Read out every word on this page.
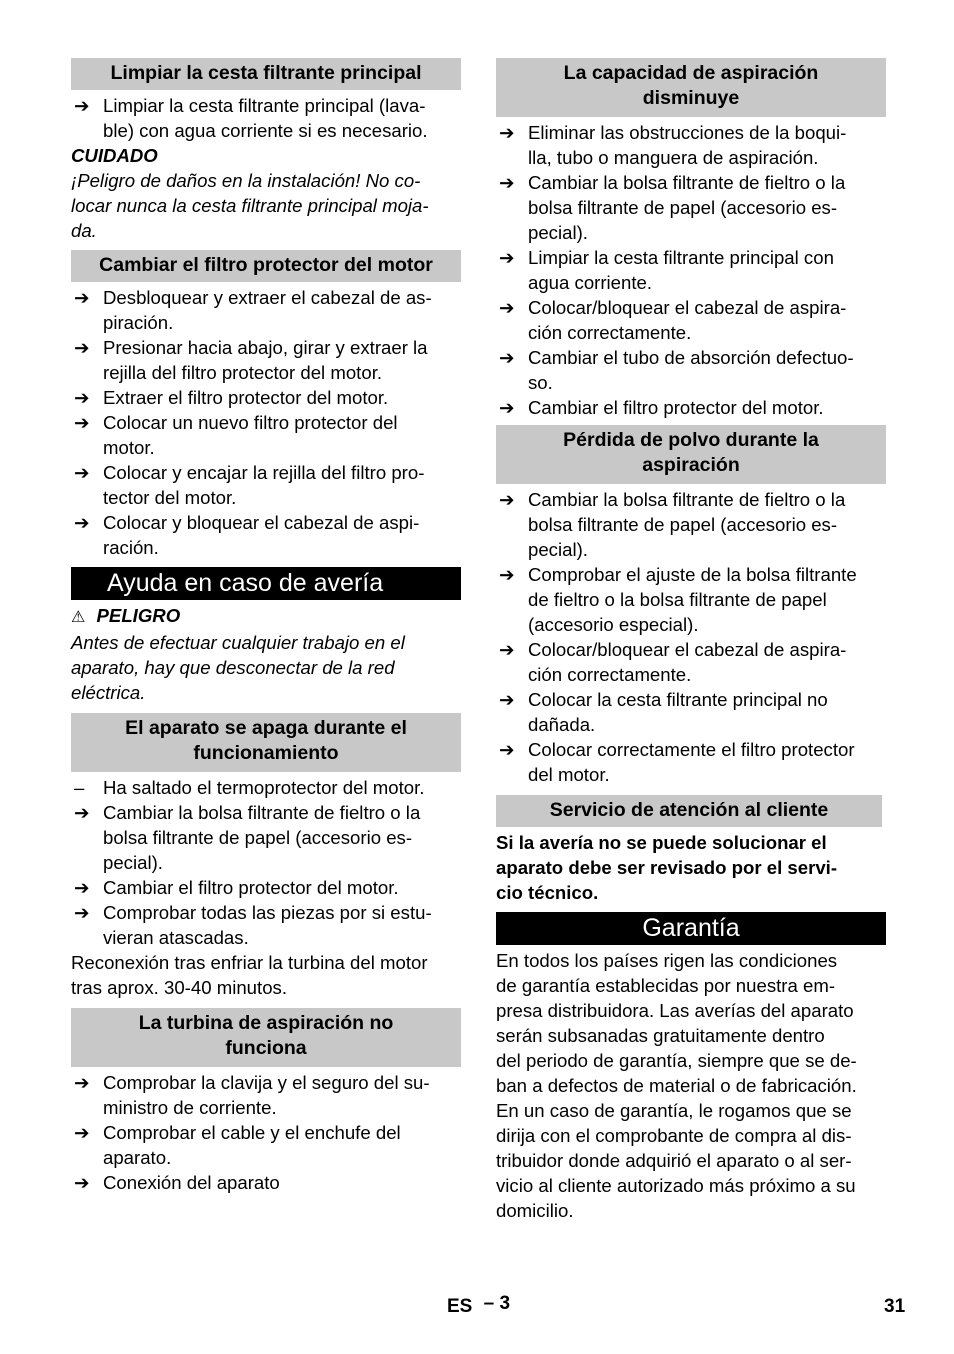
Limpiar la cesta filtrante principal
➔ Limpiar la cesta filtrante principal (lava-
ble) con agua corriente si es necesario.

CUIDADO

¡Peligro de daños en la instalación! No co-
locar nunca la cesta filtrante principal moja-
da.

Cambiar el filtro protector del motor
➔ Desbloquear y extraer el cabezal de as-
piración.
➔ Presionar hacia abajo, girar y extraer la
rejilla del filtro protector del motor.
➔ Extraer el filtro protector del motor.
➔ Colocar un nuevo filtro protector del
motor.
➔ Colocar y encajar la rejilla del filtro pro-
tector del motor.
➔ Colocar y bloquear el cabezal de aspi-
ración.
Ayuda en caso de avería

⚠ PELIGRO

Antes de efectuar cualquier trabajo en el
aparato, hay que desconectar de la red
eléctrica.

El aparato se apaga durante el
funcionamiento
– Ha saltado el termoprotector del motor.
➔ Cambiar la bolsa filtrante de fieltro o la
bolsa filtrante de papel (accesorio es-
pecial).
➔ Cambiar el filtro protector del motor.
➔ Comprobar todas las piezas por si estu-
vieran atascadas.

Reconexión tras enfriar la turbina del motor
tras aprox. 30-40 minutos.

La turbina de aspiración no
funciona
➔ Comprobar la clavija y el seguro del su-
ministro de corriente.
➔ Comprobar el cable y el enchufe del
aparato.
➔ Conexión del aparato
La capacidad de aspiración
disminuye
➔ Eliminar las obstrucciones de la boqui-
lla, tubo o manguera de aspiración.
➔ Cambiar la bolsa filtrante de fieltro o la
bolsa filtrante de papel (accesorio es-
pecial).
➔ Limpiar la cesta filtrante principal con
agua corriente.
➔ Colocar/bloquear el cabezal de aspira-
ción correctamente.
➔ Cambiar el tubo de absorción defectuo-
so.
➔ Cambiar el filtro protector del motor.
Pérdida de polvo durante la
aspiración
➔ Cambiar la bolsa filtrante de fieltro o la
bolsa filtrante de papel (accesorio es-
pecial).
➔ Comprobar el ajuste de la bolsa filtrante
de fieltro o la bolsa filtrante de papel
(accesorio especial).
➔ Colocar/bloquear el cabezal de aspira-
ción correctamente.
➔ Colocar la cesta filtrante principal no
dañada.
➔ Colocar correctamente el filtro protector
del motor.
Servicio de atención al cliente

Si la avería no se puede solucionar el
aparato debe ser revisado por el servi-
cio técnico.

Garantía

En todos los países rigen las condiciones
de garantía establecidas por nuestra em-
presa distribuidora. Las averías del aparato
serán subsanadas gratuitamente dentro
del periodo de garantía, siempre que se de-
ban a defectos de material o de fabricación.
En un caso de garantía, le rogamos que se
dirija con el comprobante de compra al dis-
tribuidor donde adquirió el aparato o al ser-
vicio al cliente autorizado más próximo a su
domicilio.

ES – 3	31
